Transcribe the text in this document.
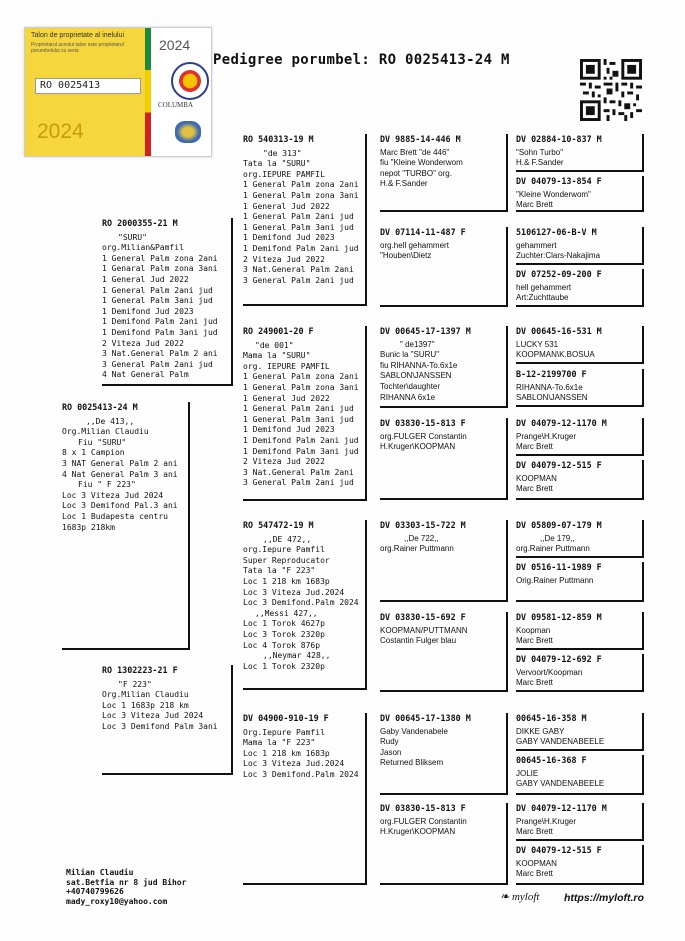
Talon de proprietate al inelului
Proprietarul acestui talon este proprietarul porumbelului cu seria
RO 0025413
2024
2024
COLUMBA
Pedigree porumbel: RO 0025413-24 M
RO 0025413-24 M
,,De 413,,
Org.Milian Claudiu
Fiu "SURU"
8 x 1 Campion
3 NAT General Palm 2 ani
4 Nat General Palm 3 ani
Fiu " F 223"
Loc 3 Viteza Jud 2024
Loc 3 Demifond Pal.3 ani
Loc 1 Budapesta centru
1683p 218km
RO 2000355-21 M
"SURU"
org.Milian&Pamfil
1 General Palm zona 2ani
1 Genaral Palm zona 3ani
1 General Jud 2022
1 General Palm 2ani jud
1 General Palm 3ani jud
1 Demifond Jud 2023
1 Demifond Palm 2ani jud
1 Demifond Palm 3ani jud
2 Viteza Jud 2022
3 Nat.General Palm 2 ani
3 General Palm 2ani jud
4 Nat General Palm
RO 1302223-21 F
"F 223"
Org.Milian Claudiu
Loc 1 1683p 218 km
Loc 3 Viteza Jud 2024
Loc 3 Demifond Palm 3ani
RO 540313-19 M
"de 313"
Tata la "SURU"
org.IEPURE PAMFIL
1 General Palm zona 2ani
1 General Palm zona 3ani
1 General Jud 2022
1 General Palm 2ani jud
1 General Palm 3ani jud
1 Demifond Jud 2023
1 Demifond Palm 2ani jud
2 Viteza Jud 2022
3 Nat.General Palm 2ani
3 General Palm 2ani jud
RO 249001-20 F
"de 001"
Mama la "SURU"
org. IEPURE PAMFIL
1 General Palm zona 2ani
1 General Palm zona 3ani
1 General Jud 2022
1 General Palm 2ani jud
1 General Palm 3ani jud
1 Demifond Jud 2023
1 Demifond Palm 2ani jud
1 Demifond Palm 3ani jud
2 Viteza Jud 2022
3 Nat.General Palm 2ani
3 General Palm 2ani jud
RO 547472-19 M
,,DE 472,,
org.Iepure Pamfil
Super Reproducator
Tata la "F 223"
Loc 1 218 km 1683p
Loc 3 Viteza Jud.2024
Loc 3 Demifond.Palm 2024
,,Messi 427,,
Loc 1 Torok 4627p
Loc 3 Torok 2320p
Loc 4 Torok 876p
,,Neymar 428,,
Loc 1 Torok 2320p
DV 04900-910-19 F
Org.Iepure Pamfil
Mama la "F 223"
Loc 1 218 km 1683p
Loc 3 Viteza Jud.2024
Loc 3 Demifond.Palm 2024
DV 9885-14-446 M
Marc Brett "de 446"
fiu "Kleine Wonderwom
nepot "TURBO" org.
H.& F.Sander
DV 07114-11-487 F
org.hell gehammert
"Houben\Dietz
DV 00645-17-1397 M
" de1397"
Bunic la "SURU"
fiu RIHANNA-To.6x1e
SABLON\JANSSEN
Tochter\daughter
RIHANNA 6x1e
DV 03830-15-813 F
org.FULGER Constantin
H.Kruger\KOOPMAN
DV 03303-15-722 M
,,De 722,,
org.Rainer Puttmann
DV 03830-15-692 F
KOOPMAN/PUTTMANN
Costantin Fulger blau
DV 00645-17-1380 M
Gaby Vandenabele
Rudy
Jason
Returned Bliksem
DV 03830-15-813 F
org.FULGER Constantin
H.Kruger\KOOPMAN
DV 02884-10-837 M
"Sohn Turbo"
H.& F.Sander
DV 04079-13-854 F
"Kleine Wonderwom"
Marc Brett
5106127-06-B-V M
gehammert
Zuchter:Clars-Nakajima
DV 07252-09-200 F
hell gehammert
Art:Zuchttaube
DV 00645-16-531 M
LUCKY 531
KOOPMAN\K.BOSUA
B-12-2199700 F
RIHANNA-To.6x1e
SABLON\JANSSEN
DV 04079-12-1170 M
Prange\H.Kruger
Marc Brett
DV 04079-12-515 F
KOOPMAN
Marc Brett
DV 05809-07-179 M
,,De 179,,
org.Rainer Puttmann
DV 0516-11-1989 F
Orig.Rainer Puttmann
DV 09581-12-859 M
Koopman
Marc Brett
DV 04079-12-692 F
Vervoort/Koopman
Marc Brett
00645-16-358 M
DIKKE GABY
GABY VANDENABEELE
00645-16-368 F
JOLIE
GABY VANDENABEELE
DV 04079-12-1170 M
Prange\H.Kruger
Marc Brett
DV 04079-12-515 F
KOOPMAN
Marc Brett
Milian Claudiu
sat.Betfia nr 8 jud Bihor
+40740799626
mady_roxy10@yahoo.com	❧ myloft https://myloft.ro
